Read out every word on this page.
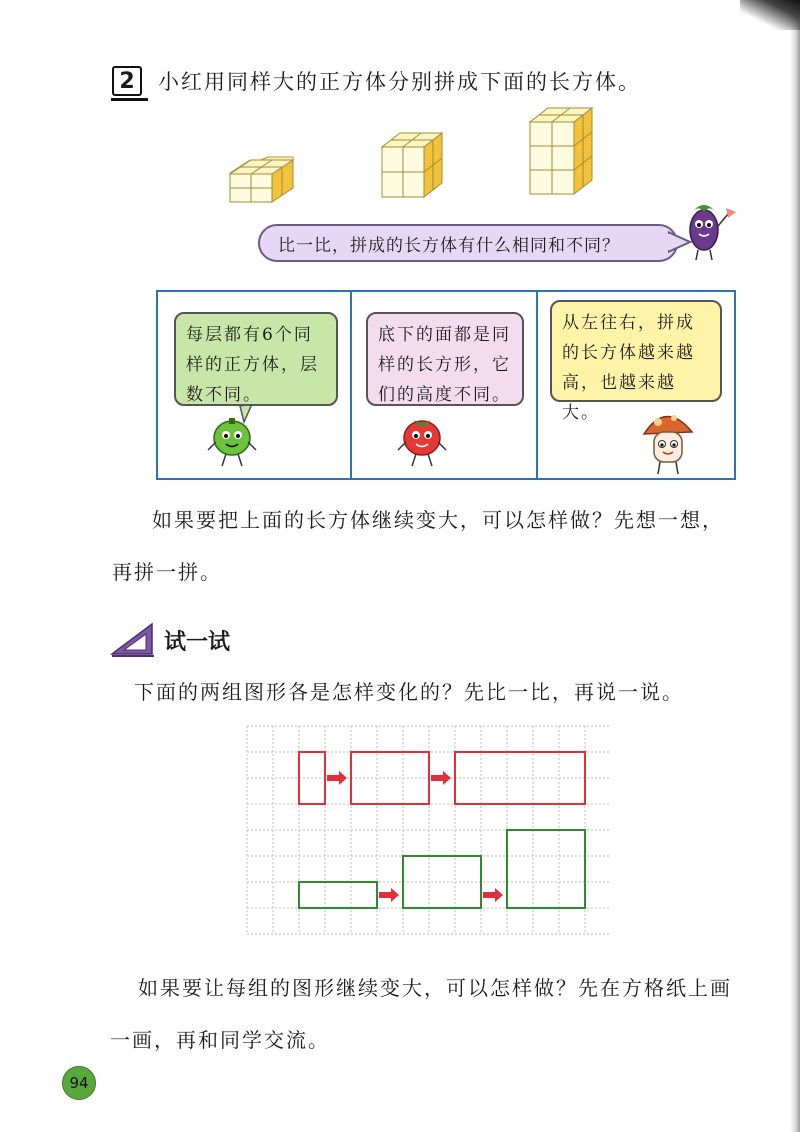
2	小红用同样大的正方体分别拼成下面的长方体。
比一比，拼成的长方体有什么相同和不同？
每层都有6个同样的正方体，层数不同。
底下的面都是同样的长方形，它们的高度不同。
从左往右，拼成的长方体越来越高，也越来越大。
如果要把上面的长方体继续变大，可以怎样做？先想一想，再拼一拼。
试一试
下面的两组图形各是怎样变化的？先比一比，再说一说。
如果要让每组的图形继续变大，可以怎样做？先在方格纸上画一画，再和同学交流。
94
